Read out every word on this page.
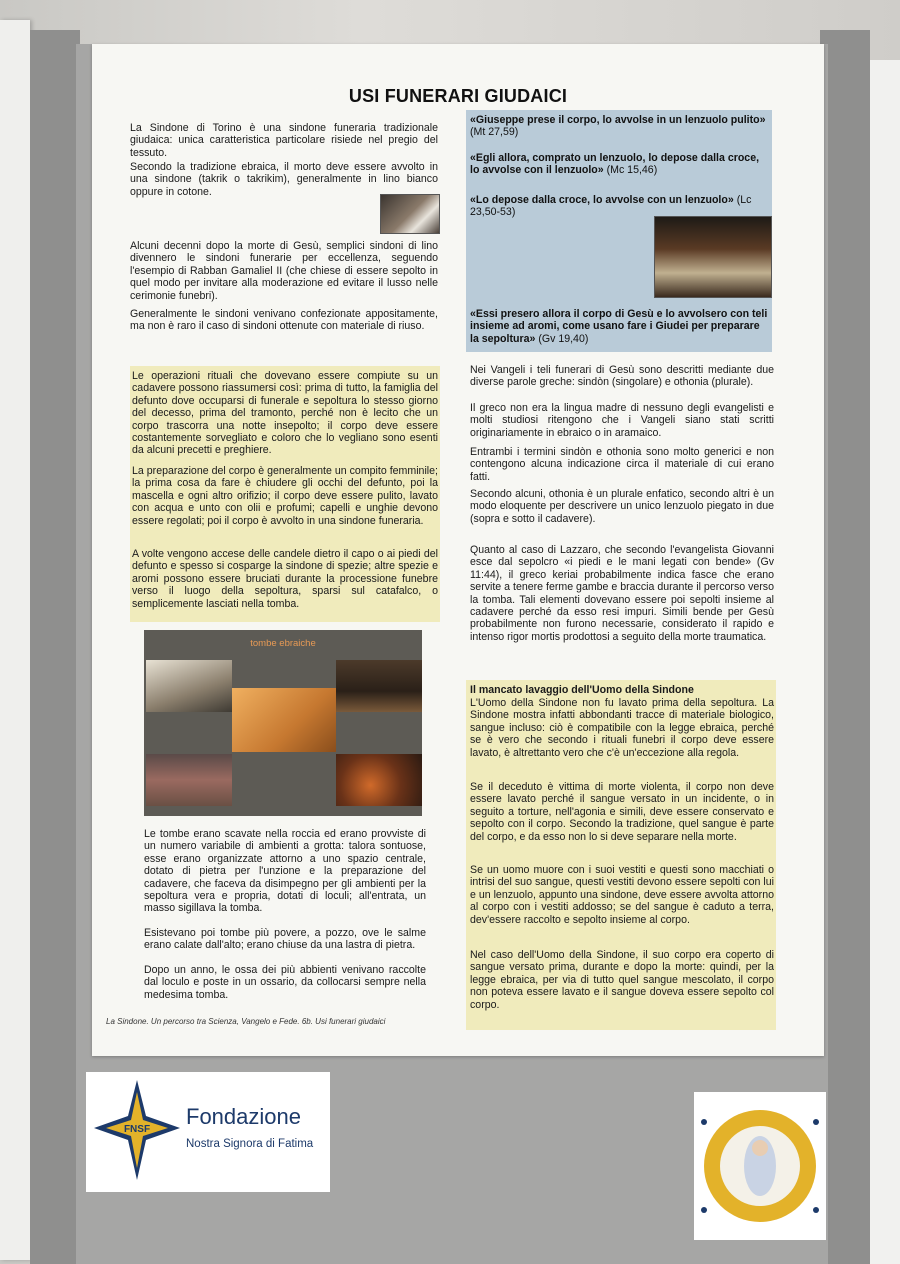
USI FUNERARI GIUDAICI

La Sindone di Torino è una sindone funeraria tradizionale giudaica: unica caratteristica particolare risiede nel pregio del tessuto.

Secondo la tradizione ebraica, il morto deve essere avvolto in una sindone (takrik o takrikim), generalmente in lino bianco oppure in cotone.

Alcuni decenni dopo la morte di Gesù, semplici sindoni di lino divennero le sindoni funerarie per eccellenza, seguendo l'esempio di Rabban Gamaliel II (che chiese di essere sepolto in quel modo per invitare alla moderazione ed evitare il lusso nelle cerimonie funebri).

Generalmente le sindoni venivano confezionate appositamente, ma non è raro il caso di sindoni ottenute con materiale di riuso.

Le operazioni rituali che dovevano essere compiute su un cadavere possono riassumersi così: prima di tutto, la famiglia del defunto dove occuparsi di funerale e sepoltura lo stesso giorno del decesso, prima del tramonto, perché non è lecito che un corpo trascorra una notte insepolto; il corpo deve essere costantemente sorvegliato e coloro che lo vegliano sono esenti da alcuni precetti e preghiere.

La preparazione del corpo è generalmente un compito femminile; la prima cosa da fare è chiudere gli occhi del defunto, poi la mascella e ogni altro orifizio; il corpo deve essere pulito, lavato con acqua e unto con olii e profumi; capelli e unghie devono essere regolati; poi il corpo è avvolto in una sindone funeraria.

A volte vengono accese delle candele dietro il capo o ai piedi del defunto e spesso si cosparge la sindone di spezie; altre spezie e aromi possono essere bruciati durante la processione funebre verso il luogo della sepoltura, sparsi sul catafalco, o semplicemente lasciati nella tomba.

tombe ebraiche

Le tombe erano scavate nella roccia ed erano provviste di un numero variabile di ambienti a grotta: talora sontuose, esse erano organizzate attorno a uno spazio centrale, dotato di pietra per l'unzione e la preparazione del cadavere, che faceva da disimpegno per gli ambienti per la sepoltura vera e propria, dotati di loculi; all'entrata, un masso sigillava la tomba.

Esistevano poi tombe più povere, a pozzo, ove le salme erano calate dall'alto; erano chiuse da una lastra di pietra.

Dopo un anno, le ossa dei più abbienti venivano raccolte dal loculo e poste in un ossario, da collocarsi sempre nella medesima tomba.

La Sindone. Un percorso tra Scienza, Vangelo e Fede. 6b. Usi funerari giudaici

«Giuseppe prese il corpo, lo avvolse in un lenzuolo pulito» (Mt 27,59)

«Egli allora, comprato un lenzuolo, lo depose dalla croce, lo avvolse con il lenzuolo» (Mc 15,46)

«Lo depose dalla croce, lo avvolse con un lenzuolo» (Lc 23,50-53)

«Essi presero allora il corpo di Gesù e lo avvolsero con teli insieme ad aromi, come usano fare i Giudei per preparare la sepoltura» (Gv 19,40)

Nei Vangeli i teli funerari di Gesù sono descritti mediante due diverse parole greche: sindòn (singolare) e othonia (plurale).

Il greco non era la lingua madre di nessuno degli evangelisti e molti studiosi ritengono che i Vangeli siano stati scritti originariamente in ebraico o in aramaico.

Entrambi i termini sindòn e othonia sono molto generici e non contengono alcuna indicazione circa il materiale di cui erano fatti.

Secondo alcuni, othonia è un plurale enfatico, secondo altri è un modo eloquente per descrivere un unico lenzuolo piegato in due (sopra e sotto il cadavere).

Quanto al caso di Lazzaro, che secondo l'evangelista Giovanni esce dal sepolcro «i piedi e le mani legati con bende» (Gv 11:44), il greco keriai probabilmente indica fasce che erano servite a tenere ferme gambe e braccia durante il percorso verso la tomba. Tali elementi dovevano essere poi sepolti insieme al cadavere perché da esso resi impuri. Simili bende per Gesù probabilmente non furono necessarie, considerato il rapido e intenso rigor mortis prodottosi a seguito della morte traumatica.

Il mancato lavaggio dell'Uomo della Sindone

L'Uomo della Sindone non fu lavato prima della sepoltura. La Sindone mostra infatti abbondanti tracce di materiale biologico, sangue incluso: ciò è compatibile con la legge ebraica, perché se è vero che secondo i rituali funebri il corpo deve essere lavato, è altrettanto vero che c'è un'eccezione alla regola.

Se il deceduto è vittima di morte violenta, il corpo non deve essere lavato perché il sangue versato in un incidente, o in seguito a torture, nell'agonia e simili, deve essere conservato e sepolto con il corpo. Secondo la tradizione, quel sangue è parte del corpo, e da esso non lo si deve separare nella morte.

Se un uomo muore con i suoi vestiti e questi sono macchiati o intrisi del suo sangue, questi vestiti devono essere sepolti con lui e un lenzuolo, appunto una sindone, deve essere avvolta attorno al corpo con i vestiti addosso; se del sangue è caduto a terra, dev'essere raccolto e sepolto insieme al corpo.

Nel caso dell'Uomo della Sindone, il suo corpo era coperto di sangue versato prima, durante e dopo la morte: quindi, per la legge ebraica, per via di tutto quel sangue mescolato, il corpo non poteva essere lavato e il sangue doveva essere sepolto col corpo.

FNSF
Fondazione
Nostra Signora di Fatima
